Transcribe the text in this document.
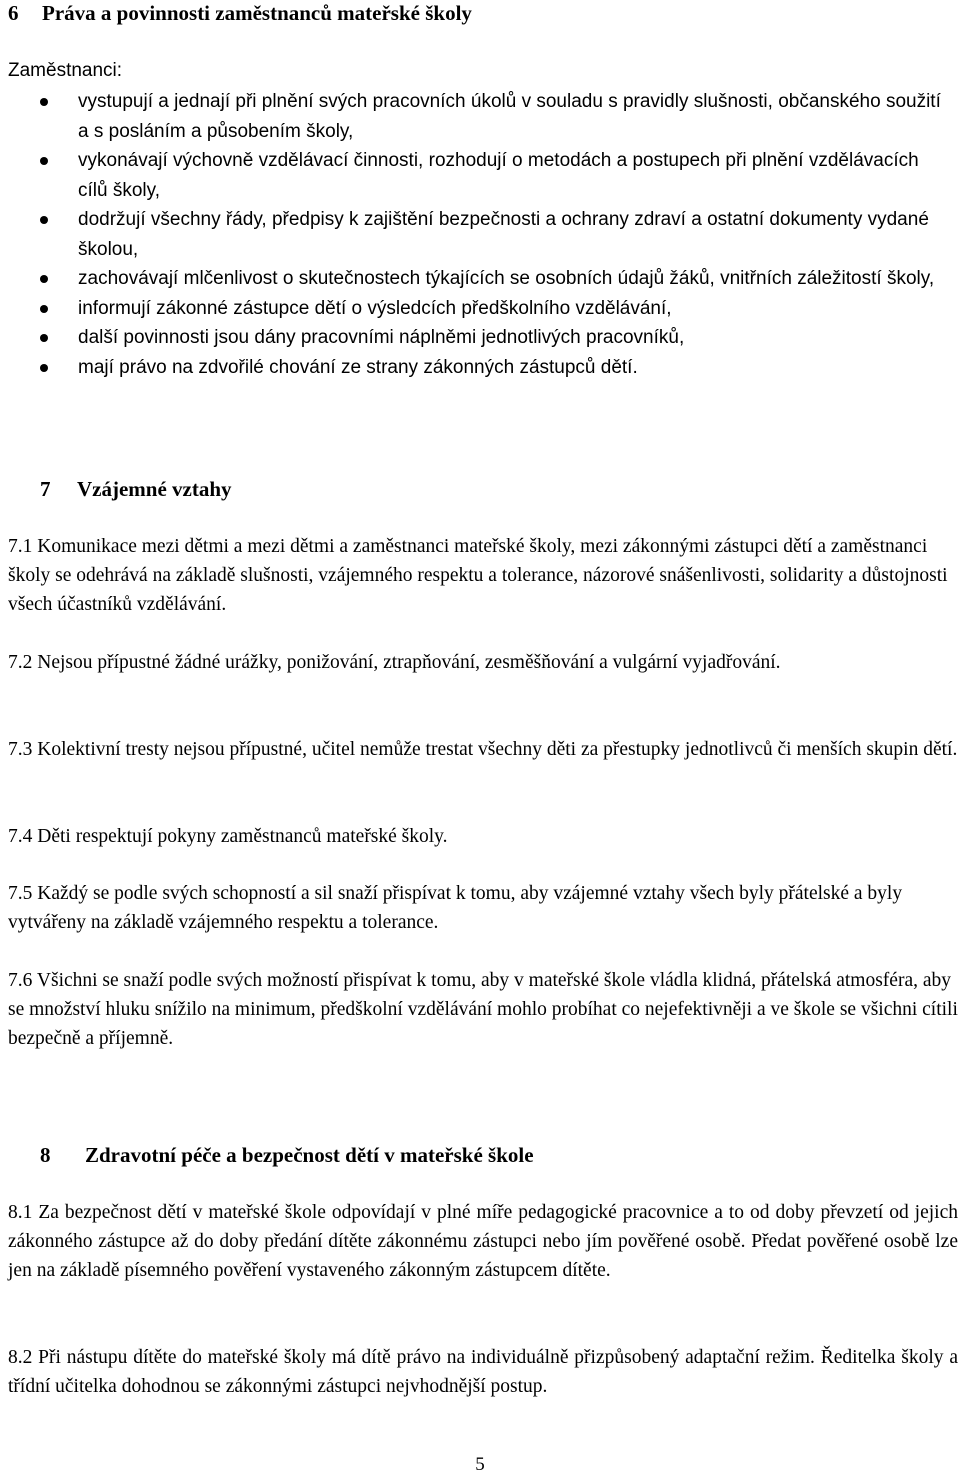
6 Práva a povinnosti zaměstnanců mateřské školy
Zaměstnanci:
vystupují a jednají při plnění svých pracovních úkolů v souladu s pravidly slušnosti, občanského soužití a s posláním a působením školy,
vykonávají výchovně vzdělávací činnosti, rozhodují o metodách a postupech při plnění vzdělávacích cílů školy,
dodržují všechny řády, předpisy k zajištění bezpečnosti a ochrany zdraví a ostatní dokumenty vydané školou,
zachovávají mlčenlivost o skutečnostech týkajících se osobních údajů žáků, vnitřních záležitostí školy,
informují zákonné zástupce dětí o výsledcích předškolního vzdělávání,
další povinnosti jsou dány pracovními náplněmi jednotlivých pracovníků,
mají právo na zdvořilé chování ze strany zákonných zástupců dětí.
7 Vzájemné vztahy

7.1 Komunikace mezi dětmi a mezi dětmi a zaměstnanci mateřské školy, mezi zákonnými zástupci dětí a zaměstnanci školy se odehrává na základě slušnosti, vzájemného respektu a tolerance, názorové snášenlivosti, solidarity a důstojnosti všech účastníků vzdělávání.

7.2 Nejsou přípustné žádné urážky, ponižování, ztrapňování, zesměšňování a vulgární vyjadřování.

7.3 Kolektivní tresty nejsou přípustné, učitel nemůže trestat všechny děti za přestupky jednotlivců či menších skupin dětí.

7.4 Děti respektují pokyny zaměstnanců mateřské školy.

7.5 Každý se podle svých schopností a sil snaží přispívat k tomu, aby vzájemné vztahy všech byly přátelské a byly vytvářeny na základě vzájemného respektu a tolerance.

7.6 Všichni se snaží podle svých možností přispívat k tomu, aby v mateřské škole vládla klidná, přátelská atmosféra, aby se množství hluku snížilo na minimum, předškolní vzdělávání mohlo probíhat co nejefektivněji a ve škole se všichni cítili bezpečně a příjemně.

8 Zdravotní péče a bezpečnost dětí v mateřské škole

8.1 Za bezpečnost dětí v mateřské škole odpovídají v plné míře pedagogické pracovnice a to od doby převzetí od jejich zákonného zástupce až do doby předání dítěte zákonnému zástupci nebo jím pověřené osobě. Předat pověřené osobě lze jen na základě písemného pověření vystaveného zákonným zástupcem dítěte.

8.2 Při nástupu dítěte do mateřské školy má dítě právo na individuálně přizpůsobený adaptační režim. Ředitelka školy a třídní učitelka dohodnou se zákonnými zástupci nejvhodnější postup.

5
